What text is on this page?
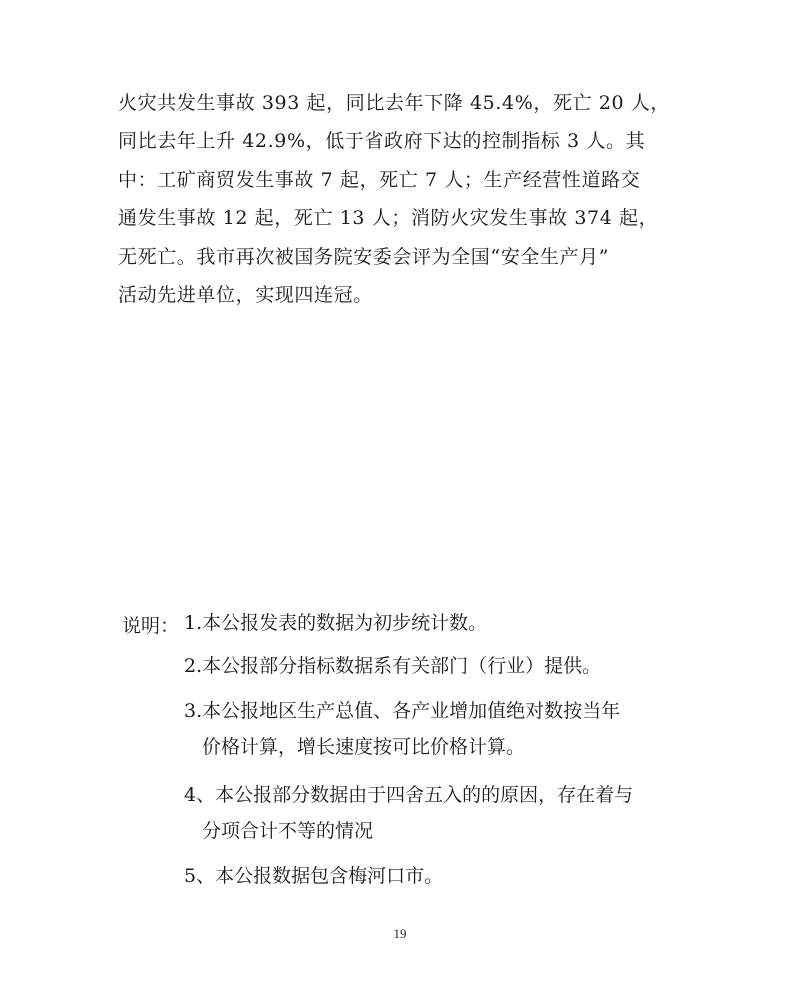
火灾共发生事故 393 起，同比去年下降 45.4%，死亡 20 人，
同比去年上升 42.9%，低于省政府下达的控制指标 3 人。其
中：工矿商贸发生事故 7 起，死亡 7 人；生产经营性道路交
通发生事故 12 起，死亡 13 人；消防火灾发生事故 374 起，
无死亡。我市再次被国务院安委会评为全国“安全生产月”
活动先进单位，实现四连冠。
说明： 1.本公报发表的数据为初步统计数。
2.本公报部分指标数据系有关部门（行业）提供。
3.本公报地区生产总值、各产业增加值绝对数按当年
价格计算，增长速度按可比价格计算。
4、本公报部分数据由于四舍五入的的原因，存在着与
分项合计不等的情况
5、本公报数据包含梅河口市。
19
